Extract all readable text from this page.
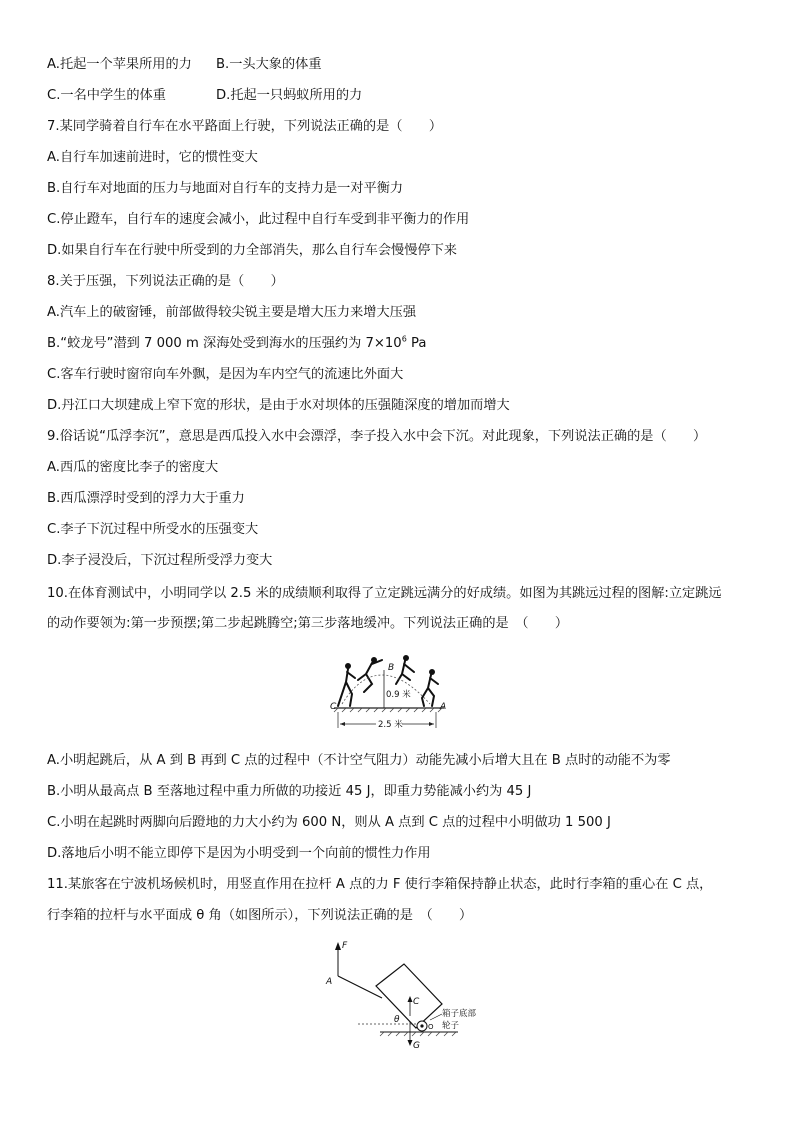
A.托起一个苹果所用的力 B.一头大象的体重
C.一名中学生的体重	D.托起一只蚂蚁所用的力
7.某同学骑着自行车在水平路面上行驶，下列说法正确的是（　　）
A.自行车加速前进时，它的惯性变大
B.自行车对地面的压力与地面对自行车的支持力是一对平衡力
C.停止蹬车，自行车的速度会减小，此过程中自行车受到非平衡力的作用
D.如果自行车在行驶中所受到的力全部消失，那么自行车会慢慢停下来
8.关于压强，下列说法正确的是（　　）
A.汽车上的破窗锤，前部做得较尖锐主要是增大压力来增大压强
B.“蛟龙号”潜到 7 000 m 深海处受到海水的压强约为 $7\times 10^6$ Pa
C.客车行驶时窗帘向车外飘，是因为车内空气的流速比外面大
D.丹江口大坝建成上窄下宽的形状，是由于水对坝体的压强随深度的增加而增大
9.俗话说“瓜浮李沉”，意思是西瓜投入水中会漂浮，李子投入水中会下沉。对此现象，下列说法正确的是（　　）
A.西瓜的密度比李子的密度大
B.西瓜漂浮时受到的浮力大于重力
C.李子下沉过程中所受水的压强变大
D.李子浸没后，下沉过程所受浮力变大
10.在体育测试中，小明同学以 2.5 米的成绩顺利取得了立定跳远满分的好成绩。如图为其跳远过程的图解:立定跳远
的动作要领为:第一步预摆;第二步起跳腾空;第三步落地缓冲。下列说法正确的是　（　　）
0.9 米
B
C	A
2.5 米
A.小明起跳后，从 A 到 B 再到 C 点的过程中（不计空气阻力）动能先减小后增大且在 B 点时的动能不为零
B.小明从最高点 B 至落地过程中重力所做的功接近 45 J，即重力势能减小约为 45 J
C.小明在起跳时两脚向后蹬地的力大小约为 600 N，则从 A 点到 C 点的过程中小明做功 1 500 J
D.落地后小明不能立即停下是因为小明受到一个向前的惯性力作用
11.某旅客在宁波机场候机时，用竖直作用在拉杆 A 点的力 F 使行李箱保持静止状态，此时行李箱的重心在 C 点，
行李箱的拉杆与水平面成 θ 角（如图所示），下列说法正确的是　（　　）
F
A
C
G
θ
O
箱子底部
轮子
